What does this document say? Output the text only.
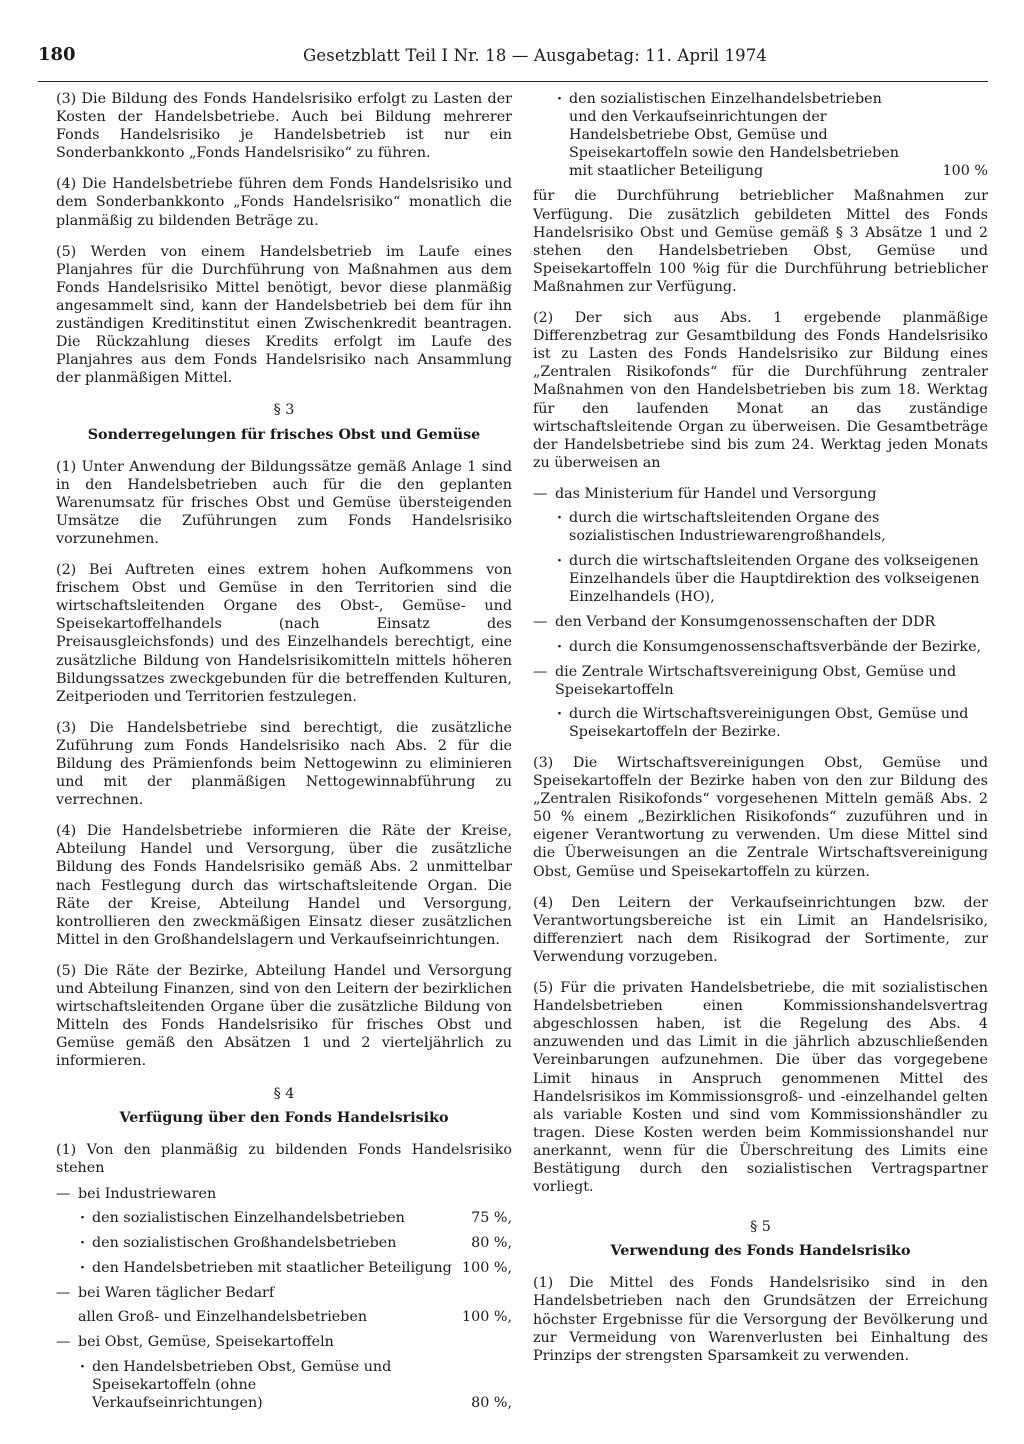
180	Gesetzblatt Teil I Nr. 18 — Ausgabetag: 11. April 1974

(3) Die Bildung des Fonds Handelsrisiko erfolgt zu Lasten der Kosten der Handelsbetriebe. Auch bei Bildung mehrerer Fonds Handelsrisiko je Handelsbetrieb ist nur ein Sonderbankkonto „Fonds Handelsrisiko“ zu führen.

(4) Die Handelsbetriebe führen dem Fonds Handelsrisiko und dem Sonderbankkonto „Fonds Handelsrisiko“ monatlich die planmäßig zu bildenden Beträge zu.

(5) Werden von einem Handelsbetrieb im Laufe eines Planjahres für die Durchführung von Maßnahmen aus dem Fonds Handelsrisiko Mittel benötigt, bevor diese planmäßig angesammelt sind, kann der Handelsbetrieb bei dem für ihn zuständigen Kreditinstitut einen Zwischenkredit beantragen. Die Rückzahlung dieses Kredits erfolgt im Laufe des Planjahres aus dem Fonds Handelsrisiko nach Ansammlung der planmäßigen Mittel.

§ 3

Sonderregelungen für frisches Obst und Gemüse

(1) Unter Anwendung der Bildungssätze gemäß Anlage 1 sind in den Handelsbetrieben auch für die den geplanten Warenumsatz für frisches Obst und Gemüse übersteigenden Umsätze die Zuführungen zum Fonds Handelsrisiko vorzunehmen.

(2) Bei Auftreten eines extrem hohen Aufkommens von frischem Obst und Gemüse in den Territorien sind die wirtschaftsleitenden Organe des Obst-, Gemüse- und Speisekartoffelhandels (nach Einsatz des Preisausgleichsfonds) und des Einzelhandels berechtigt, eine zusätzliche Bildung von Handelsrisikomitteln mittels höheren Bildungssatzes zweckgebunden für die betreffenden Kulturen, Zeitperioden und Territorien festzulegen.

(3) Die Handelsbetriebe sind berechtigt, die zusätzliche Zuführung zum Fonds Handelsrisiko nach Abs. 2 für die Bildung des Prämienfonds beim Nettogewinn zu eliminieren und mit der planmäßigen Nettogewinnabführung zu verrechnen.

(4) Die Handelsbetriebe informieren die Räte der Kreise, Abteilung Handel und Versorgung, über die zusätzliche Bildung des Fonds Handelsrisiko gemäß Abs. 2 unmittelbar nach Festlegung durch das wirtschaftsleitende Organ. Die Räte der Kreise, Abteilung Handel und Versorgung, kontrollieren den zweckmäßigen Einsatz dieser zusätzlichen Mittel in den Großhandelslagern und Verkaufseinrichtungen.

(5) Die Räte der Bezirke, Abteilung Handel und Versorgung und Abteilung Finanzen, sind von den Leitern der bezirklichen wirtschaftsleitenden Organe über die zusätzliche Bildung von Mitteln des Fonds Handelsrisiko für frisches Obst und Gemüse gemäß den Absätzen 1 und 2 vierteljährlich zu informieren.

§ 4

Verfügung über den Fonds Handelsrisiko

(1) Von den planmäßig zu bildenden Fonds Handelsrisiko stehen

— bei Industriewaren
· den sozialistischen Einzelhandelsbetrieben	75 %,
· den sozialistischen Großhandelsbetrieben	80 %,
· den Handelsbetrieben mit staatlicher Beteiligung 100 %,
— bei Waren täglicher Bedarf
allen Groß- und Einzelhandelsbetrieben	100 %,
— bei Obst, Gemüse, Speisekartoffeln
· den Handelsbetrieben Obst, Gemüse und Speisekartoffeln (ohne Verkaufseinrichtungen)	80 %,
· den sozialistischen Einzelhandelsbetrieben und den Verkaufseinrichtungen der Handelsbetriebe Obst, Gemüse und Speisekartoffeln sowie den Handelsbetrieben mit staatlicher Beteiligung	100 %

für die Durchführung betrieblicher Maßnahmen zur Verfügung. Die zusätzlich gebildeten Mittel des Fonds Handelsrisiko Obst und Gemüse gemäß § 3 Absätze 1 und 2 stehen den Handelsbetrieben Obst, Gemüse und Speisekartoffeln 100 %ig für die Durchführung betrieblicher Maßnahmen zur Verfügung.

(2) Der sich aus Abs. 1 ergebende planmäßige Differenzbetrag zur Gesamtbildung des Fonds Handelsrisiko ist zu Lasten des Fonds Handelsrisiko zur Bildung eines „Zentralen Risikofonds“ für die Durchführung zentraler Maßnahmen von den Handelsbetrieben bis zum 18. Werktag für den laufenden Monat an das zuständige wirtschaftsleitende Organ zu überweisen. Die Gesamtbeträge der Handelsbetriebe sind bis zum 24. Werktag jeden Monats zu überweisen an

— das Ministerium für Handel und Versorgung
· durch die wirtschaftsleitenden Organe des sozialistischen Industriewarengroßhandels,
· durch die wirtschaftsleitenden Organe des volkseigenen Einzelhandels über die Hauptdirektion des volkseigenen Einzelhandels (HO),
— den Verband der Konsumgenossenschaften der DDR
· durch die Konsumgenossenschaftsverbände der Bezirke,
— die Zentrale Wirtschaftsvereinigung Obst, Gemüse und Speisekartoffeln
· durch die Wirtschaftsvereinigungen Obst, Gemüse und Speisekartoffeln der Bezirke.

(3) Die Wirtschaftsvereinigungen Obst, Gemüse und Speisekartoffeln der Bezirke haben von den zur Bildung des „Zentralen Risikofonds“ vorgesehenen Mitteln gemäß Abs. 2 50 % einem „Bezirklichen Risikofonds“ zuzuführen und in eigener Verantwortung zu verwenden. Um diese Mittel sind die Überweisungen an die Zentrale Wirtschaftsvereinigung Obst, Gemüse und Speisekartoffeln zu kürzen.

(4) Den Leitern der Verkaufseinrichtungen bzw. der Verantwortungsbereiche ist ein Limit an Handelsrisiko, differenziert nach dem Risikograd der Sortimente, zur Verwendung vorzugeben.

(5) Für die privaten Handelsbetriebe, die mit sozialistischen Handelsbetrieben einen Kommissionshandelsvertrag abgeschlossen haben, ist die Regelung des Abs. 4 anzuwenden und das Limit in die jährlich abzuschließenden Vereinbarungen aufzunehmen. Die über das vorgegebene Limit hinaus in Anspruch genommenen Mittel des Handelsrisikos im Kommissionsgroß- und -einzelhandel gelten als variable Kosten und sind vom Kommissionshändler zu tragen. Diese Kosten werden beim Kommissionshandel nur anerkannt, wenn für die Überschreitung des Limits eine Bestätigung durch den sozialistischen Vertragspartner vorliegt.

§ 5

Verwendung des Fonds Handelsrisiko

(1) Die Mittel des Fonds Handelsrisiko sind in den Handelsbetrieben nach den Grundsätzen der Erreichung höchster Ergebnisse für die Versorgung der Bevölkerung und zur Vermeidung von Warenverlusten bei Einhaltung des Prinzips der strengsten Sparsamkeit zu verwenden.
